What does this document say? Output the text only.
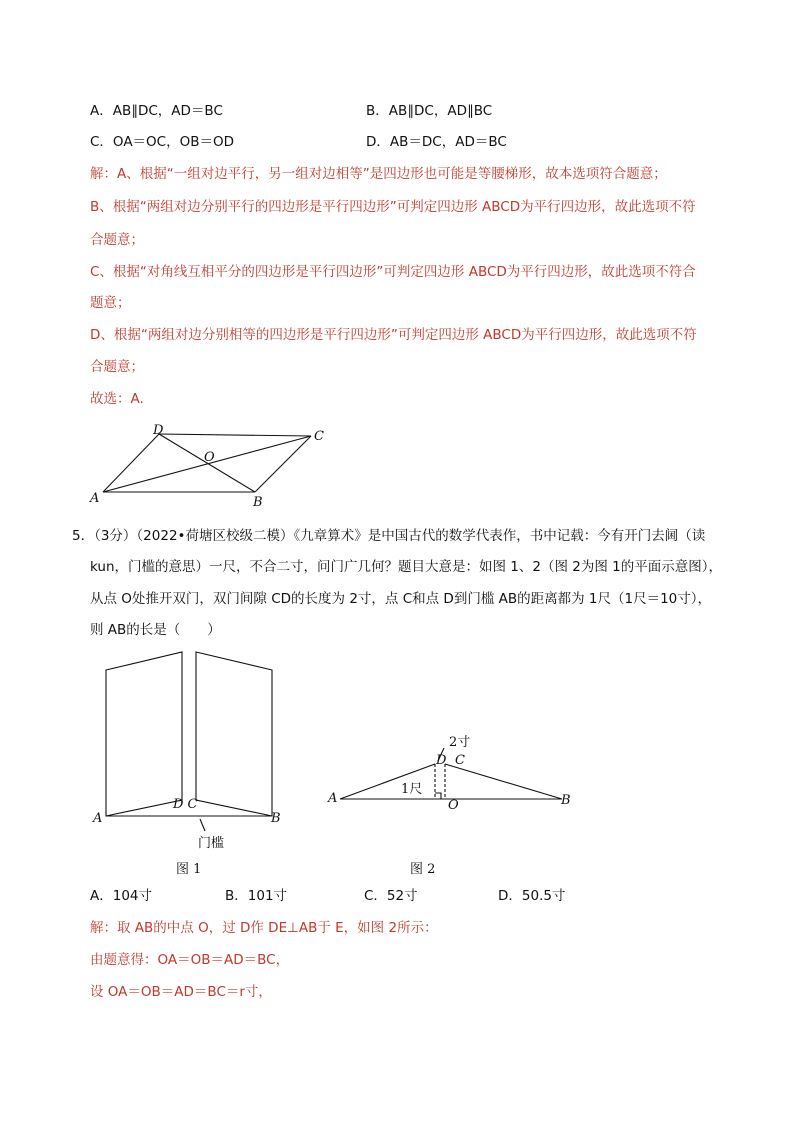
A．AB∥DC，AD＝BC	B．AB∥DC，AD∥BC
C．OA＝OC，OB＝OD	D．AB＝DC，AD＝BC
解：A、根据“一组对边平行，另一组对边相等”是四边形也可能是等腰梯形，故本选项符合题意；
B、根据“两组对边分别平行的四边形是平行四边形”可判定四边形 ABCD为平行四边形，故此选项不符
合题意；
C、根据“对角线互相平分的四边形是平行四边形”可判定四边形 ABCD为平行四边形，故此选项不符合
题意；
D、根据“两组对边分别相等的四边形是平行四边形”可判定四边形 ABCD为平行四边形，故此选项不符
合题意；
故选：A.
A	B
C
D
O
5．（3分）（2022•荷塘区校级二模）《九章算术》是中国古代的数学代表作，书中记载：今有开门去阃（读
kun，门槛的意思）一尺，不合二寸，问门广几何？题目大意是：如图 1、2（图 2为图 1的平面示意图），
从点 O处推开双门，双门间隙 CD的长度为 2寸，点 C和点 D到门槛 AB的距离都为 1尺（1尺＝10寸），
则 AB的长是（　　）
A	B
D C
门槛
图 1
A	B
D C
O
2寸
1尺
图 2
A．104寸	B．101寸	C．52寸	D．50.5寸
解：取 AB的中点 O，过 D作 DE⊥AB于 E，如图 2所示：
由题意得：OA＝OB＝AD＝BC，
设 OA＝OB＝AD＝BC＝r寸，
